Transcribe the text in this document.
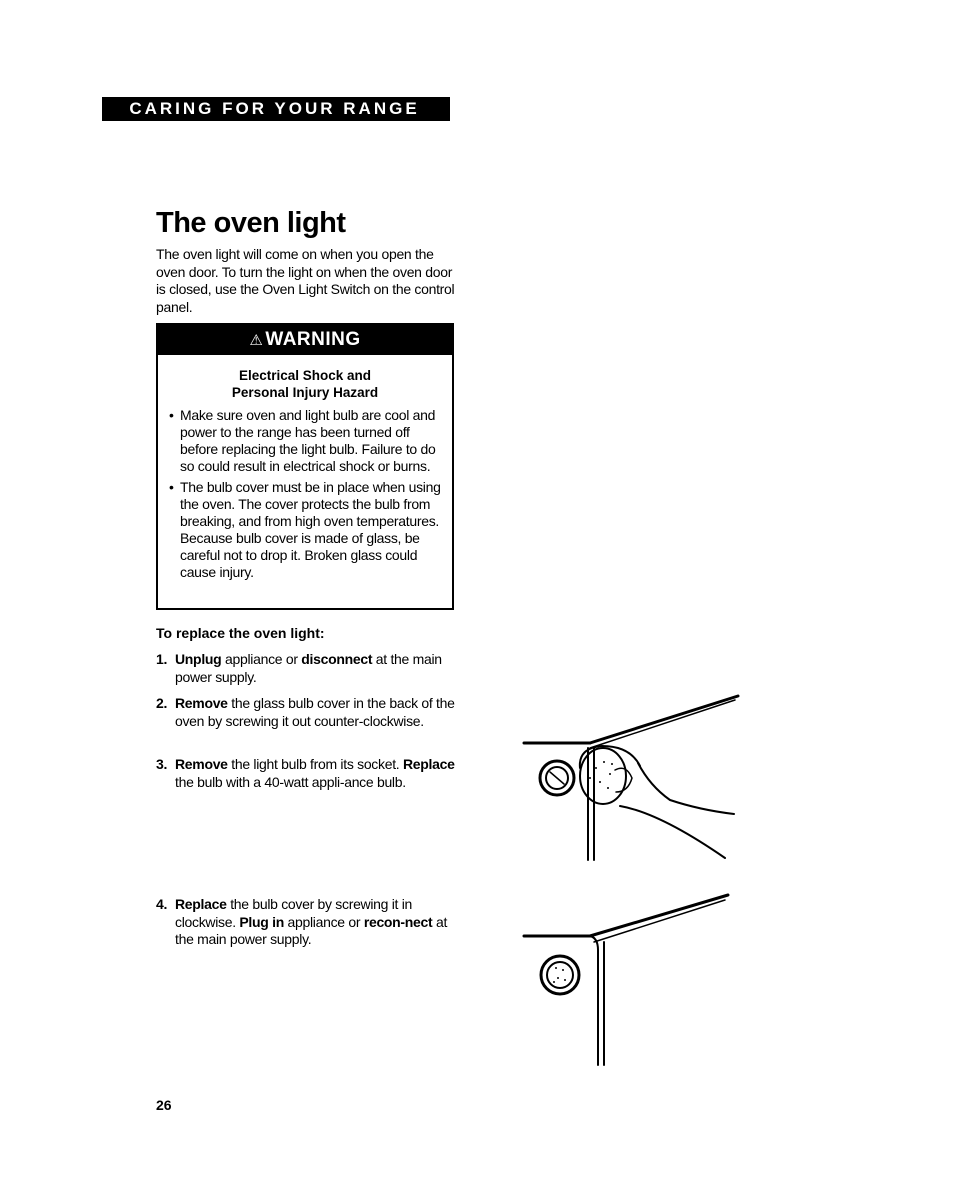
CARING FOR YOUR RANGE
The oven light

The oven light will come on when you open the oven door. To turn the light on when the oven door is closed, use the Oven Light Switch on the control panel.

⚠ WARNING
Electrical Shock and
Personal Injury Hazard
• Make sure oven and light bulb are cool and power to the range has been turned off before replacing the light bulb. Failure to do so could result in electrical shock or burns.
• The bulb cover must be in place when using the oven. The cover protects the bulb from breaking, and from high oven temperatures. Because bulb cover is made of glass, be careful not to drop it. Broken glass could cause injury.
To replace the oven light:
1. Unplug appliance or disconnect at the main power supply.
2. Remove the glass bulb cover in the back of the oven by screwing it out counter-clockwise.
3. Remove the light bulb from its socket. Replace the bulb with a 40-watt appli-ance bulb.
4. Replace the bulb cover by screwing it in clockwise. Plug in appliance or recon-nect at the main power supply.
26
